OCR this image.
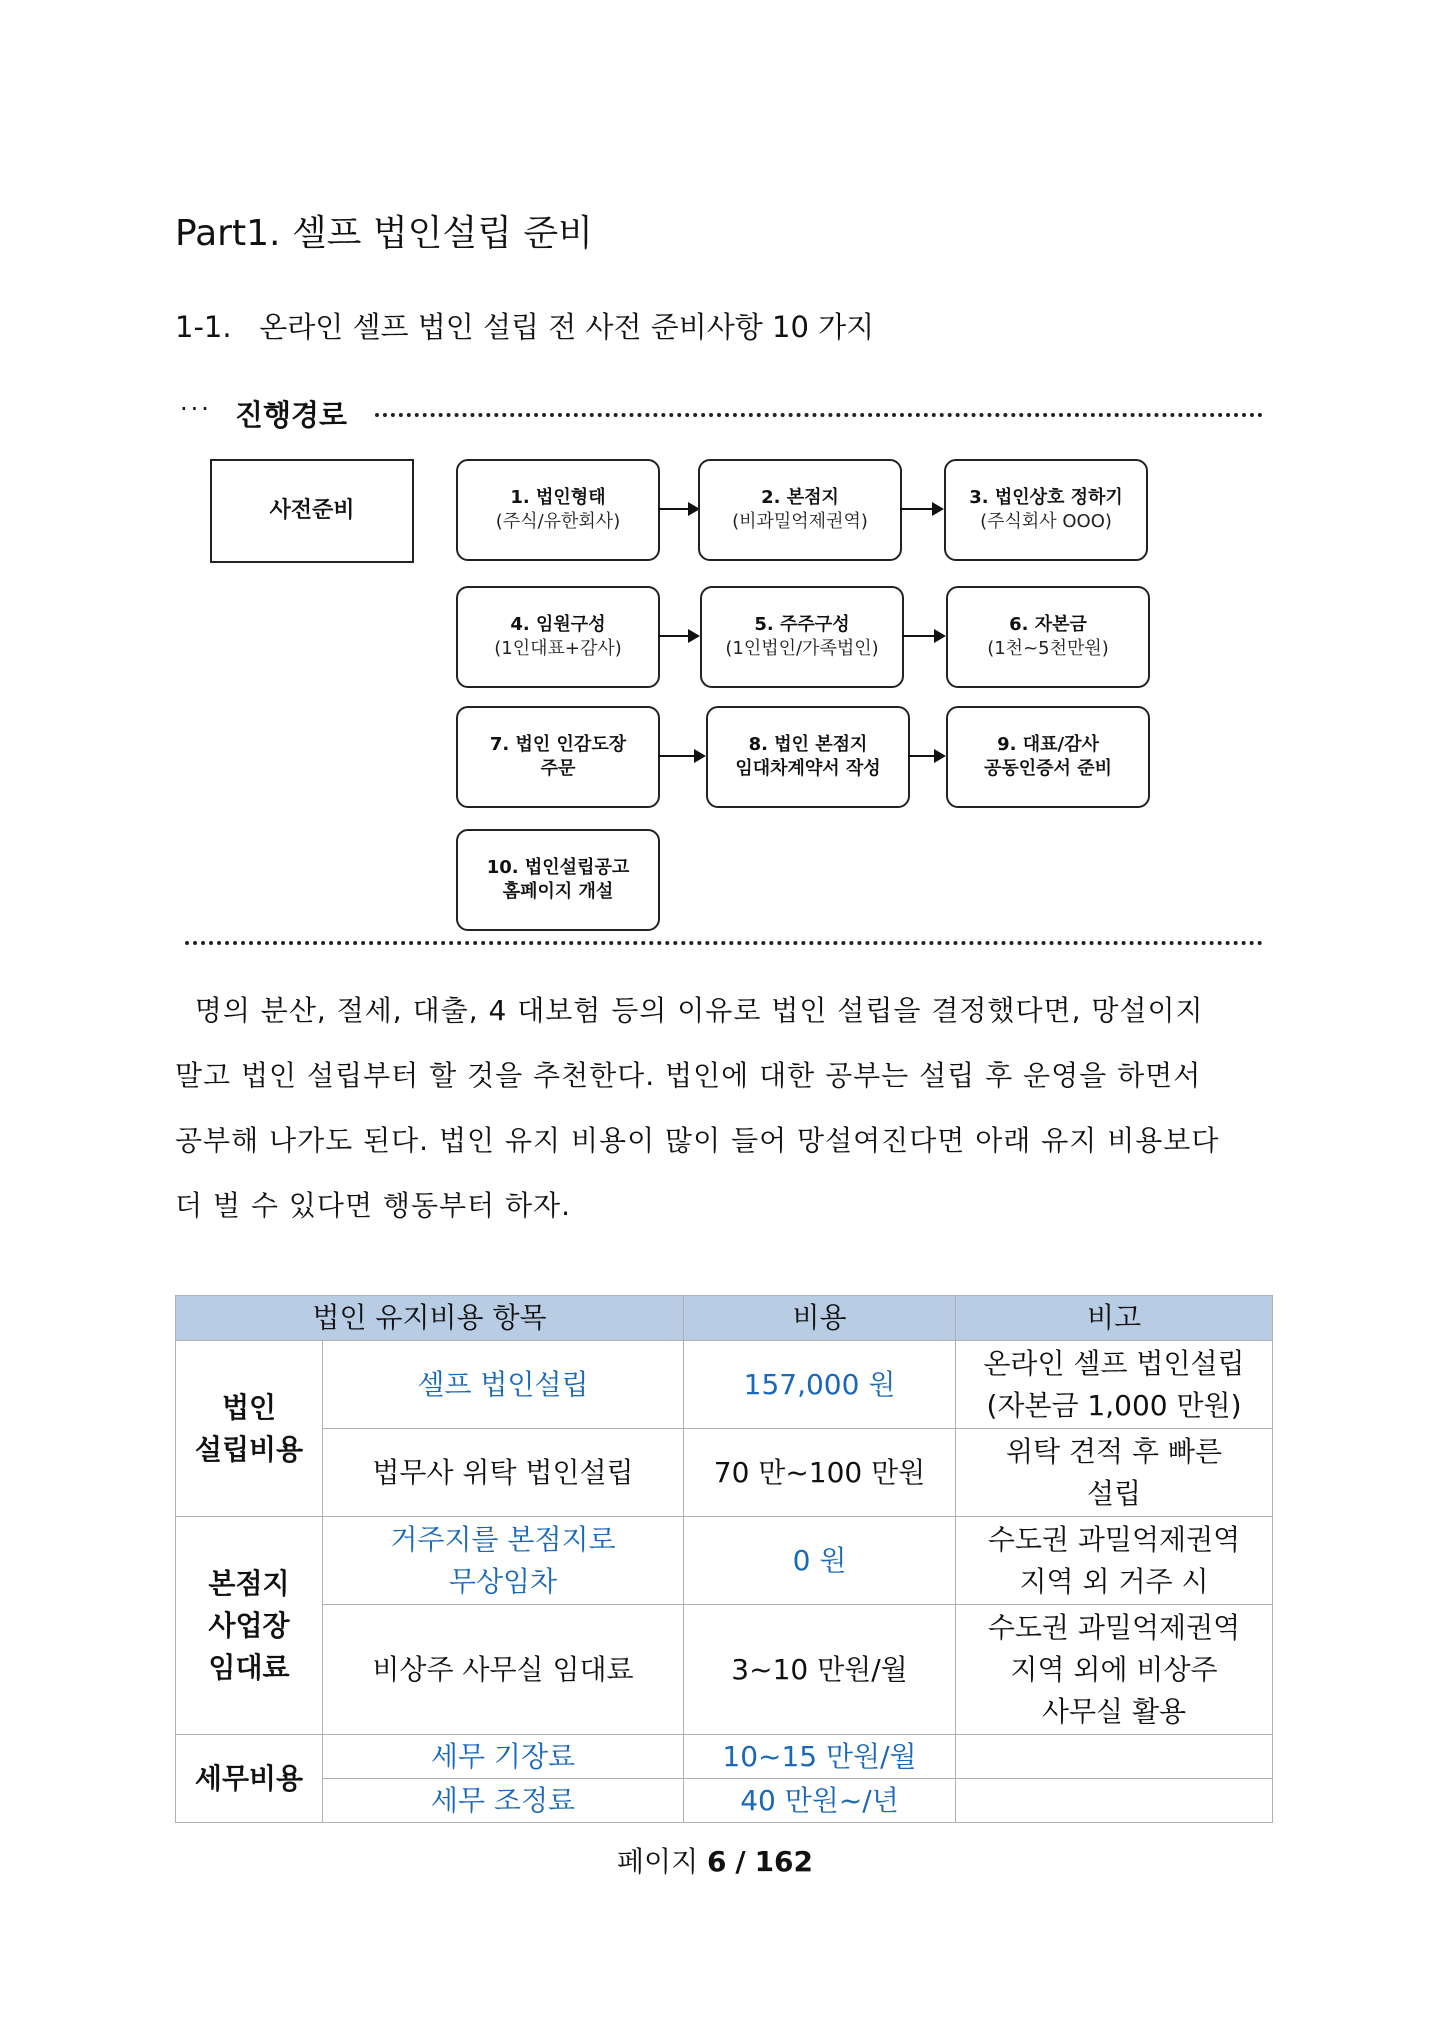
Part1. 셀프 법인설립 준비
1-1.   온라인 셀프 법인 설립 전 사전 준비사항 10 가지
진행경로
···
사전준비
1. 법인형태
(주식/유한회사)
2. 본점지
(비과밀억제권역)
3. 법인상호 정하기
(주식회사 OOO)
4. 임원구성
(1인대표+감사)
5. 주주구성
(1인법인/가족법인)
6. 자본금
(1천~5천만원)
7. 법인 인감도장
주문
8. 법인 본점지
임대차계약서 작성
9. 대표/감사
공동인증서 준비
10. 법인설립공고
홈페이지 개설
명의 분산, 절세, 대출, 4 대보험 등의 이유로 법인 설립을 결정했다면, 망설이지
말고 법인 설립부터 할 것을 추천한다. 법인에 대한 공부는 설립 후 운영을 하면서
공부해 나가도 된다. 법인 유지 비용이 많이 들어 망설여진다면 아래 유지 비용보다
더 벌 수 있다면 행동부터 하자.
법인 유지비용 항목		비용	비고
법인
설립비용	셀프 법인설립	157,000 원	온라인 셀프 법인설립
(자본금 1,000 만원)
	법무사 위탁 법인설립	70 만~100 만원	위탁 견적 후 빠른
설립
본점지
사업장
임대료	거주지를 본점지로
무상임차	0 원	수도권 과밀억제권역
지역 외 거주 시
	비상주 사무실 임대료	3~10 만원/월	수도권 과밀억제권역
지역 외에 비상주
사무실 활용
세무비용	세무 기장료	10~15 만원/월	
	세무 조정료	40 만원~/년	
페이지 6 / 162
